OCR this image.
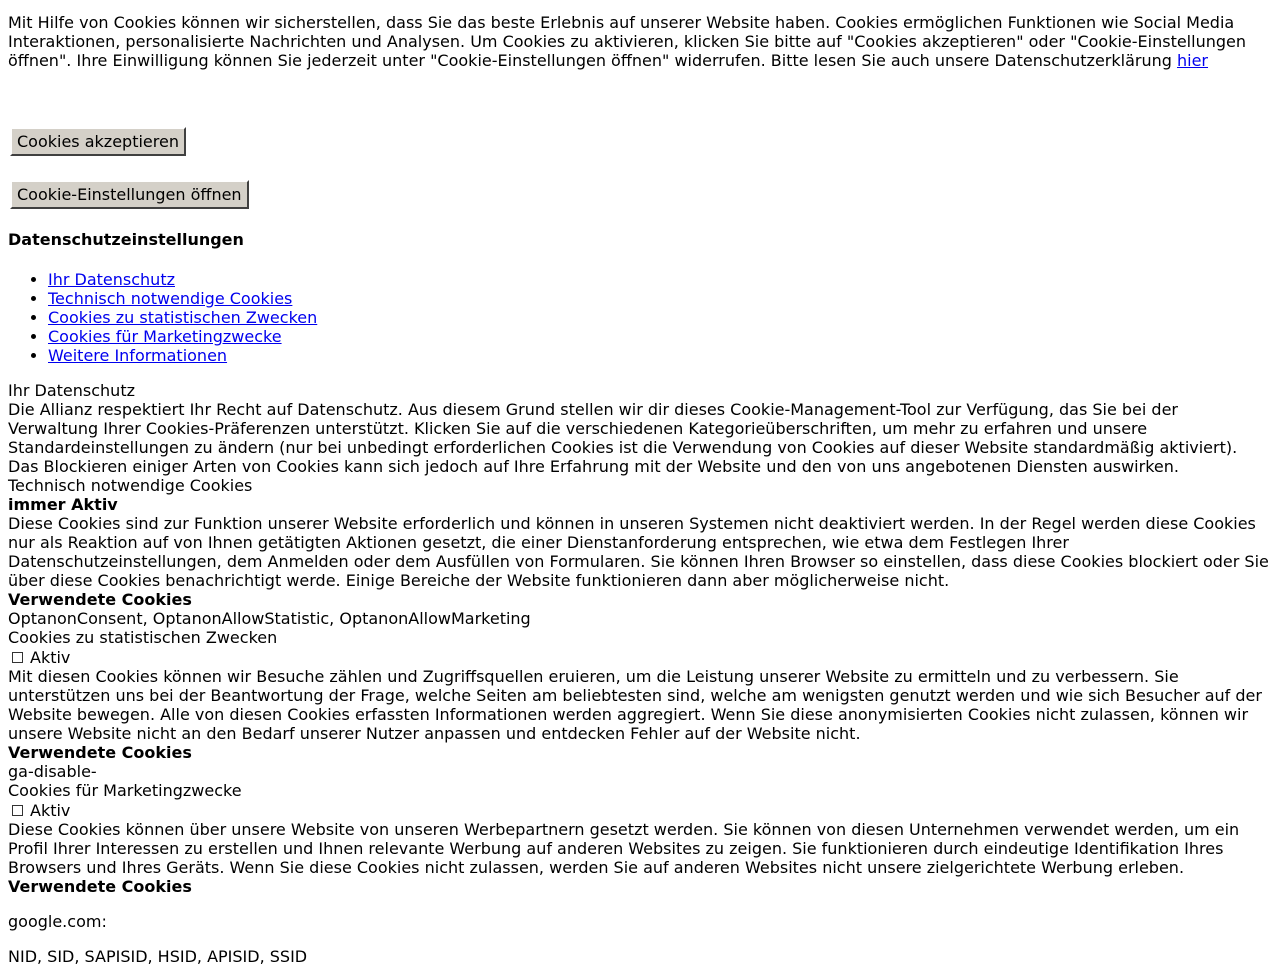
Mit Hilfe von Cookies können wir sicherstellen, dass Sie das beste Erlebnis auf unserer Website haben. Cookies ermöglichen Funktionen wie Social Media Interaktionen, personalisierte Nachrichten und Analysen. Um Cookies zu aktivieren, klicken Sie bitte auf "Cookies akzeptieren" oder "Cookie-Einstellungen öffnen". Ihre Einwilligung können Sie jederzeit unter "Cookie-Einstellungen öffnen" widerrufen. Bitte lesen Sie auch unsere Datenschutzerklärung hier

Cookies akzeptieren
Cookie-Einstellungen öffnen
Datenschutzeinstellungen
• Ihr Datenschutz
• Technisch notwendige Cookies
• Cookies zu statistischen Zwecken
• Cookies für Marketingzwecke
• Weitere Informationen
Ihr Datenschutz
Die Allianz respektiert Ihr Recht auf Datenschutz. Aus diesem Grund stellen wir dir dieses Cookie-Management-Tool zur Verfügung, das Sie bei der Verwaltung Ihrer Cookies-Präferenzen unterstützt. Klicken Sie auf die verschiedenen Kategorieüberschriften, um mehr zu erfahren und unsere Standardeinstellungen zu ändern (nur bei unbedingt erforderlichen Cookies ist die Verwendung von Cookies auf dieser Website standardmäßig aktiviert). Das Blockieren einiger Arten von Cookies kann sich jedoch auf Ihre Erfahrung mit der Website und den von uns angebotenen Diensten auswirken.
Technisch notwendige Cookies
immer Aktiv
Diese Cookies sind zur Funktion unserer Website erforderlich und können in unseren Systemen nicht deaktiviert werden. In der Regel werden diese Cookies nur als Reaktion auf von Ihnen getätigten Aktionen gesetzt, die einer Dienstanforderung entsprechen, wie etwa dem Festlegen Ihrer Datenschutzeinstellungen, dem Anmelden oder dem Ausfüllen von Formularen. Sie können Ihren Browser so einstellen, dass diese Cookies blockiert oder Sie über diese Cookies benachrichtigt werde. Einige Bereiche der Website funktionieren dann aber möglicherweise nicht.
Verwendete Cookies
OptanonConsent, OptanonAllowStatistic, OptanonAllowMarketing
Cookies zu statistischen Zwecken
Aktiv
Mit diesen Cookies können wir Besuche zählen und Zugriffsquellen eruieren, um die Leistung unserer Website zu ermitteln und zu verbessern. Sie unterstützen uns bei der Beantwortung der Frage, welche Seiten am beliebtesten sind, welche am wenigsten genutzt werden und wie sich Besucher auf der Website bewegen. Alle von diesen Cookies erfassten Informationen werden aggregiert. Wenn Sie diese anonymisierten Cookies nicht zulassen, können wir unsere Website nicht an den Bedarf unserer Nutzer anpassen und entdecken Fehler auf der Website nicht.
Verwendete Cookies
ga-disable-
Cookies für Marketingzwecke
Aktiv
Diese Cookies können über unsere Website von unseren Werbepartnern gesetzt werden. Sie können von diesen Unternehmen verwendet werden, um ein Profil Ihrer Interessen zu erstellen und Ihnen relevante Werbung auf anderen Websites zu zeigen. Sie funktionieren durch eindeutige Identifikation Ihres Browsers und Ihres Geräts. Wenn Sie diese Cookies nicht zulassen, werden Sie auf anderen Websites nicht unsere zielgerichtete Werbung erleben.
Verwendete Cookies
google.com:
NID, SID, SAPISID, HSID, APISID, SSID
